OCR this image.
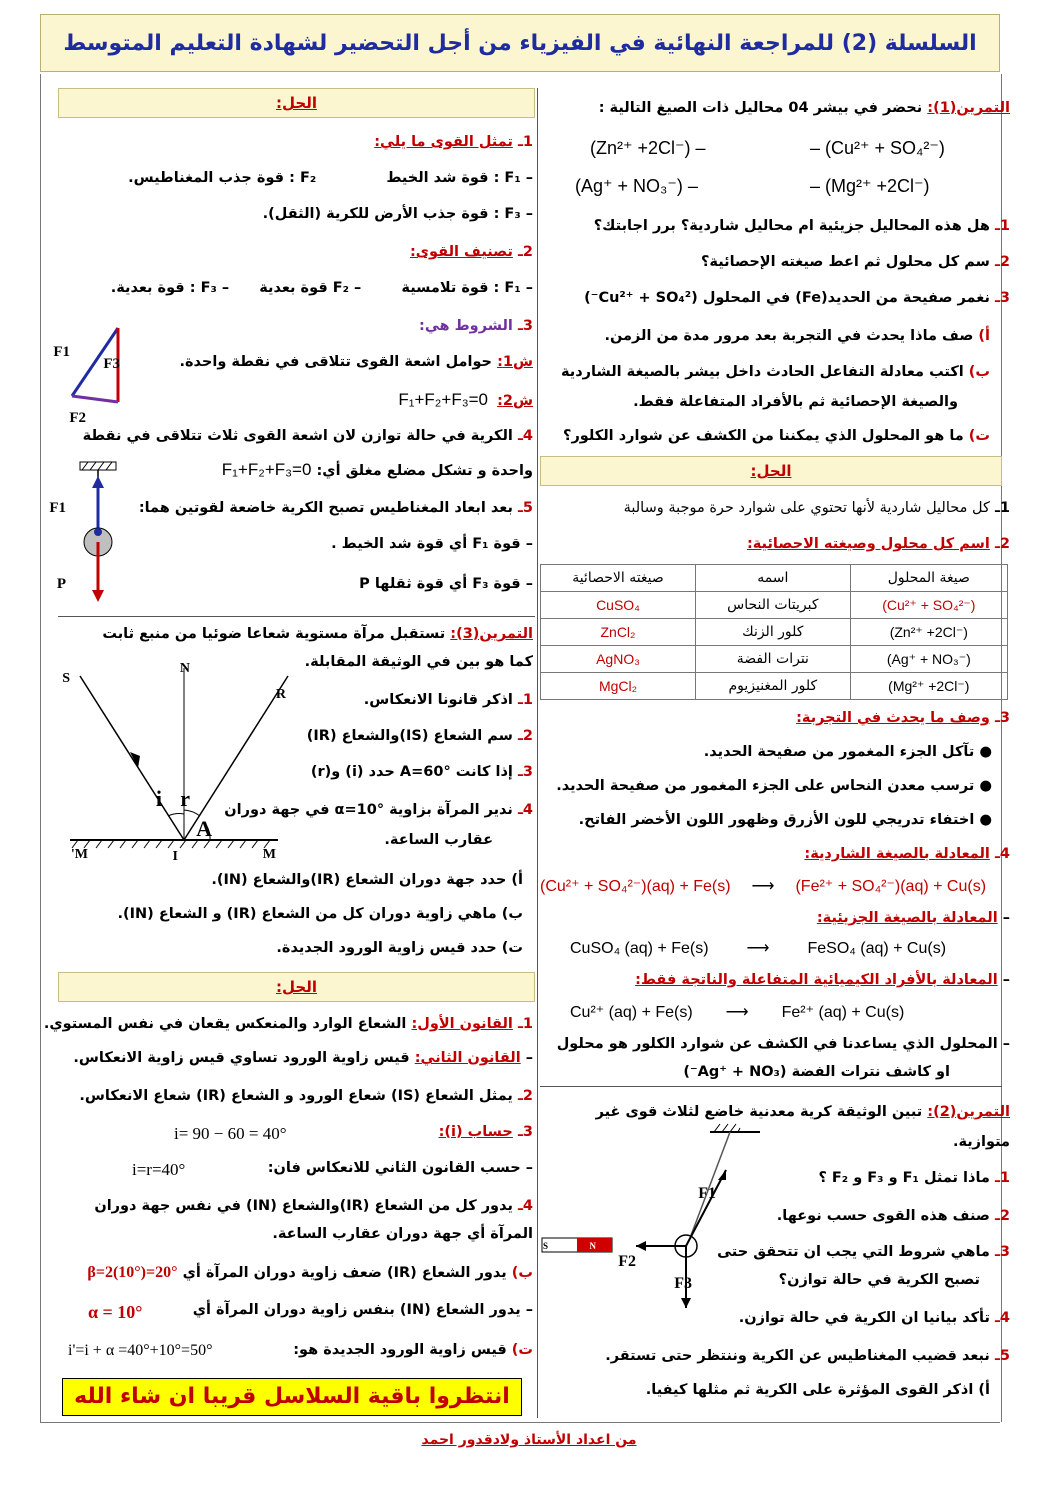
السلسلة (2) للمراجعة النهائية في الفيزياء من أجل التحضير لشهادة التعليم المتوسط
التمرين(1): نحضر في بيشر 04 محاليل ذات الصيغ التالية :
– (Cu²⁺ + SO₄²⁻)
(Zn²⁺ +2Cl⁻) –
– (Mg²⁺ +2Cl⁻)
(Ag⁺ + NO₃⁻) –
1ـ هل هذه المحاليل جزيئية ام محاليل شاردية؟ برر اجابتك؟
2ـ سم كل محلول ثم اعط صيغته الإحصائية؟
3ـ نغمر صفيحة من الحديد(Fe) في المحلول (Cu²⁺ + SO₄²⁻)
أ) صف ماذا يحدث في التجربة بعد مرور مدة من الزمن.
ب) اكتب معادلة التفاعل الحادث داخل بيشر بالصيغة الشاردية
والصيغة الإحصائية ثم بالأفراد المتفاعلة فقط.
ت) ما هو المحلول الذي يمكننا من الكشف عن شوارد الكلور؟
الحل:
1ـ كل محاليل شاردية لأنها تحتوي على شوارد حرة موجبة وسالبة
2ـ اسم كل محلول وصيغته الاحصائية:
صيغة المحلول	اسمه	صيغته الاحصائية
(Cu²⁺ + SO₄²⁻)	كبريتات النحاس	CuSO₄
(Zn²⁺ +2Cl⁻)	كلور الزنك	ZnCl₂
(Ag⁺ + NO₃⁻)	نترات الفضة	AgNO₃
(Mg²⁺ +2Cl⁻)	كلور المغنيزيوم	MgCl₂
3ـ وصف ما يحدث في التجربة:
● تآكل الجزء المغمور من صفيحة الحديد.
● ترسب معدن النحاس على الجزء المغمور من صفيحة الحديد.
● اختفاء تدريجي للون الأزرق وظهور اللون الأخضر الفاتح.
4ـ المعادلة بالصيغة الشاردية:
(Cu²⁺ + SO₄²⁻)(aq) + Fe(s) ⟶ (Fe²⁺ + SO₄²⁻)(aq) + Cu(s)
– المعادلة بالصيغة الجزيئية:
CuSO₄ (aq) + Fe(s) ⟶ FeSO₄ (aq) + Cu(s)
– المعادلة بالأفراد الكيميائية المتفاعلة والناتجة فقط:
Cu²⁺ (aq) + Fe(s) ⟶ Fe²⁺ (aq) + Cu(s)
– المحلول الذي يساعدنا في الكشف عن شوارد الكلور هو محلول
او كاشف نترات الفضة (Ag⁺ + NO₃⁻)
التمرين(2): تبين الوثيقة كرية معدنية خاضع لثلاث قوى غير
متوازية.
1ـ ماذا تمثل F₁ و F₃ و F₂ ؟
2ـ صنف هذه القوى حسب نوعها.
3ـ ماهي شروط التي يجب ان تتحقق حتى
تصبح الكرية في حالة توازن؟
4ـ تأكد بيانيا ان الكرية في حالة توازن.
5ـ نبعد قضيب المغناطيس عن الكرية وننتظر حتى تستقر.
أ) اذكر القوى المؤثرة على الكرية ثم مثلها كيفيا.
S	N
F1
F2
F3
الحل:
1ـ تمثل القوى ما يلي:
– F₁ : قوة شد الخيط  F₂ : قوة جذب المغناطيس.
– F₃ : قوة جذب الأرض للكرية (الثقل).
2ـ تصنيف القوى:
– F₁ : قوة تلامسية  – F₂ قوة بعدية  – F₃ : قوة بعدية.
3ـ الشروط هي:
ش1: حوامل اشعة القوى تتلاقى في نقطة واحدة.
ش2: F₁+F₂+F₃=0
4ـ الكرية في حالة توازن لان اشعة القوى ثلاث تتلاقى في نقطة
واحدة و تشكل مضلع مغلق أي: F₁+F₂+F₃=0
5ـ بعد ابعاد المغناطيس تصبح الكرية خاضعة لقوتين هما:
– قوة F₁ أي قوة شد الخيط .
– قوة F₃ أي قوة ثقلها P
F1
F3
F2
F1
P
التمرين(3): تستقبل مرآة مستوية شعاعا ضوئيا من منبع ثابت
كما هو بين في الوثيقة المقابلة.
1ـ اذكر قانونا الانعكاس.
2ـ سم الشعاع (IS)والشعاع (IR)
3ـ إذا كانت A=60° حدد (i) و(r)
4ـ ندير المرآة بزاوية α=10° في جهة دوران
عقارب الساعة.
أ) حدد جهة دوران الشعاع (IR)والشعاع (IN).
ب) ماهي زاوية دوران كل من الشعاع (IR) و الشعاع (IN).
ت) حدد قيس زاوية الورود الجديدة.
S
N
R
i r
A
M'	I	M
الحل:
1ـ القانون الأول: الشعاع الوارد والمنعكس يقعان في نفس المستوي.
– القانون الثاني: قيس زاوية الورود تساوي قيس زاوية الانعكاس.
2ـ يمثل الشعاع (IS) شعاع الورود و الشعاع (IR) شعاع الانعكاس.
3ـ حساب (i):
i= 90 − 60 = 40°
– حسب القانون الثاني للانعكاس فان:
i=r=40°
4ـ يدور كل من الشعاع (IR)والشعاع (IN) في نفس جهة دوران
المرآة أي جهة دوران عقارب الساعة.
ب) يدور الشعاع (IR) ضعف زاوية دوران المرآة أي β=2(10°)=20°
– يدور الشعاع (IN) بنفس زاوية دوران المرآة أي
α = 10°
ت) قيس زاوية الورود الجديدة هو:
i'=i + α =40°+10°=50°
انتظروا باقية السلاسل قريبا ان شاء الله
من اعداد الأستاذ ولادقدور احمد
